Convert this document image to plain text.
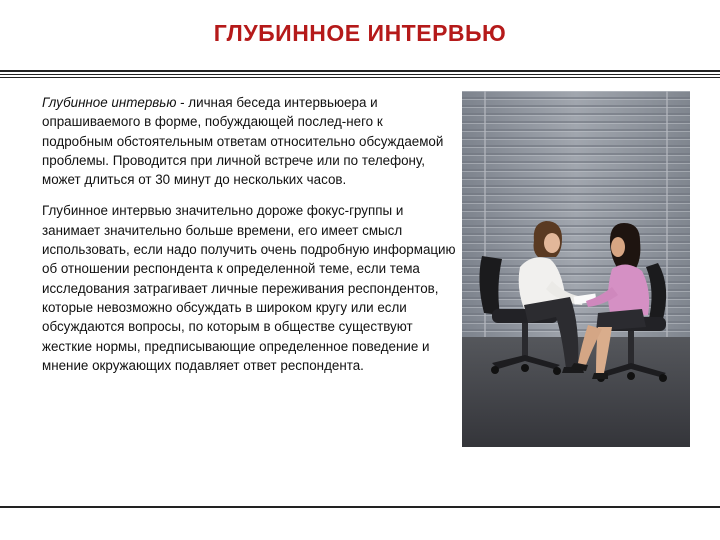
ГЛУБИННОЕ ИНТЕРВЬЮ

Глубинное интервью - личная беседа интервьюера и опрашиваемого в форме, побуждающей послед-него к подробным обстоятельным ответам относительно обсуждаемой проблемы. Проводится при личной встрече или по телефону, может длиться от 30 минут до нескольких часов.

Глубинное интервью значительно дороже фокус-группы и занимает значительно больше времени, его имеет смысл использовать, если надо получить очень подробную информацию об отношении респондента к определенной теме, если тема исследования затрагивает личные переживания респондентов, которые невозможно обсуждать в широком кругу или если обсуждаются вопросы, по которым в обществе существуют жесткие нормы, предписывающие определенное поведение и мнение окружающих подавляет ответ респондента.
